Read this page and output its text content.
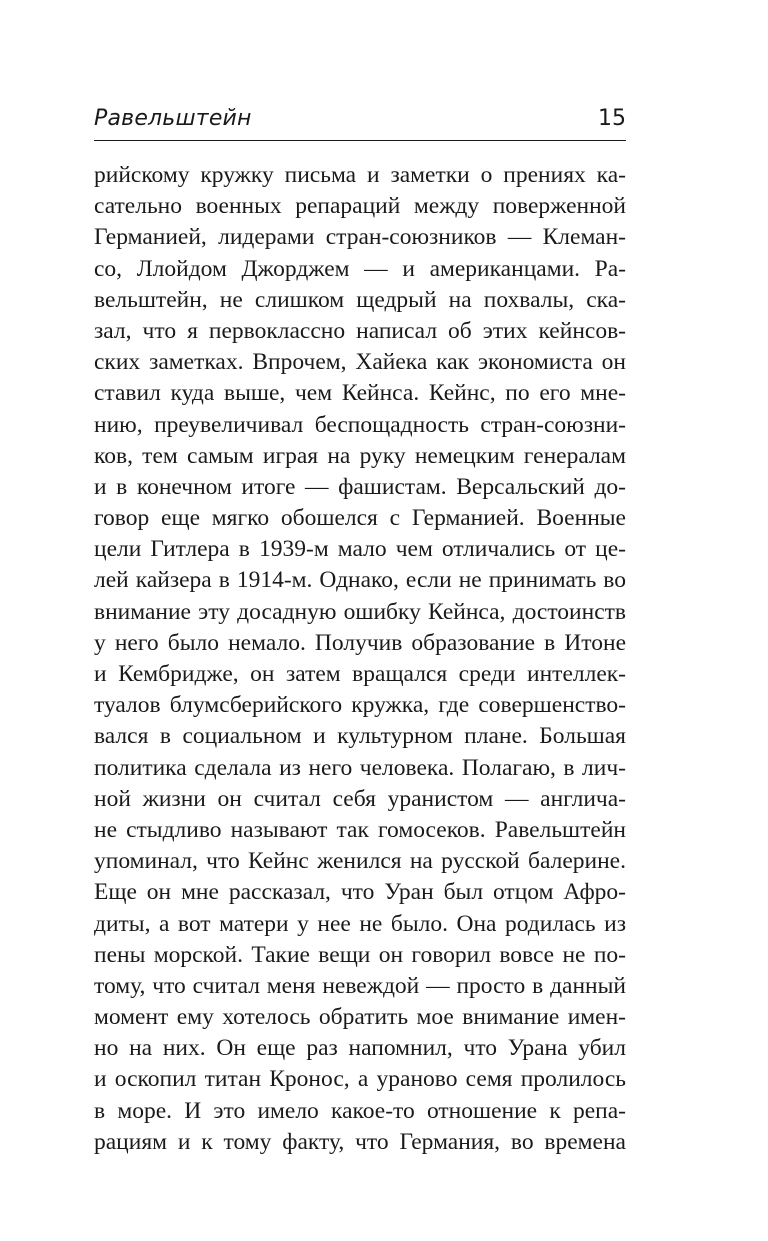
Равельштейн	15
рийскому кружку письма и заметки о прениях ка-
сательно военных репараций между поверженной
Германией, лидерами стран-союзников — Клеман-
со, Ллойдом Джорджем — и американцами. Ра-
вельштейн, не слишком щедрый на похвалы, ска-
зал, что я первоклассно написал об этих кейнсов-
ских заметках. Впрочем, Хайека как экономиста он
ставил куда выше, чем Кейнса. Кейнс, по его мне-
нию, преувеличивал беспощадность стран-союзни-
ков, тем самым играя на руку немецким генералам
и в конечном итоге — фашистам. Версальский до-
говор еще мягко обошелся с Германией. Военные
цели Гитлера в 1939-м мало чем отличались от це-
лей кайзера в 1914-м. Однако, если не принимать во
внимание эту досадную ошибку Кейнса, достоинств
у него было немало. Получив образование в Итоне
и Кембридже, он затем вращался среди интеллек-
туалов блумсберийского кружка, где совершенство-
вался в социальном и культурном плане. Большая
политика сделала из него человека. Полагаю, в лич-
ной жизни он считал себя уранистом — англича-
не стыдливо называют так гомосеков. Равельштейн
упоминал, что Кейнс женился на русской балерине.
Еще он мне рассказал, что Уран был отцом Афро-
диты, а вот матери у нее не было. Она родилась из
пены морской. Такие вещи он говорил вовсе не по-
тому, что считал меня невеждой — просто в данный
момент ему хотелось обратить мое внимание имен-
но на них. Он еще раз напомнил, что Урана убил
и оскопил титан Кронос, а ураново семя пролилось
в море. И это имело какое-то отношение к репа-
рациям и к тому факту, что Германия, во времена
